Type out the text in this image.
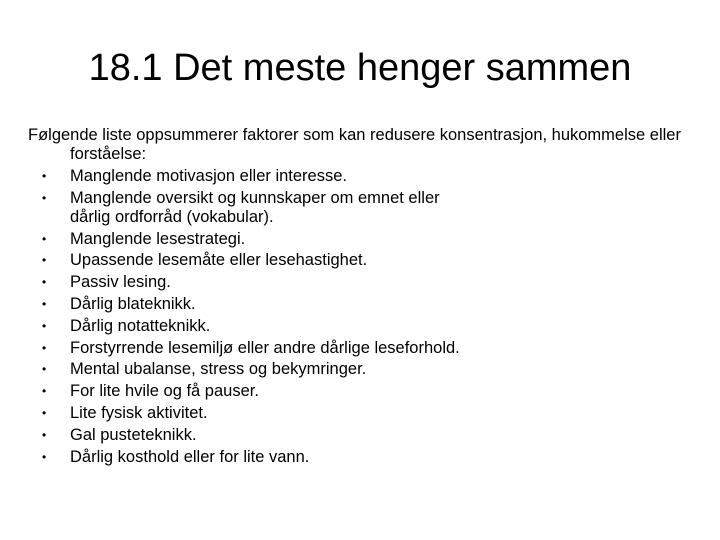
18.1 Det meste henger sammen

Følgende liste oppsummerer faktorer som kan redusere konsentrasjon, hukommelse eller forståelse:

• Manglende motivasjon eller interesse.
• Manglende oversikt og kunnskaper om emnet eller dårlig ordforråd (vokabular).
• Manglende lesestrategi.
• Upassende lesemåte eller lesehastighet.
• Passiv lesing.
• Dårlig blateknikk.
• Dårlig notatteknikk.
• Forstyrrende lesemiljø eller andre dårlige leseforhold.
• Mental ubalanse, stress og bekymringer.
• For lite hvile og få pauser.
• Lite fysisk aktivitet.
• Gal pusteteknikk.
• Dårlig kosthold eller for lite vann.
